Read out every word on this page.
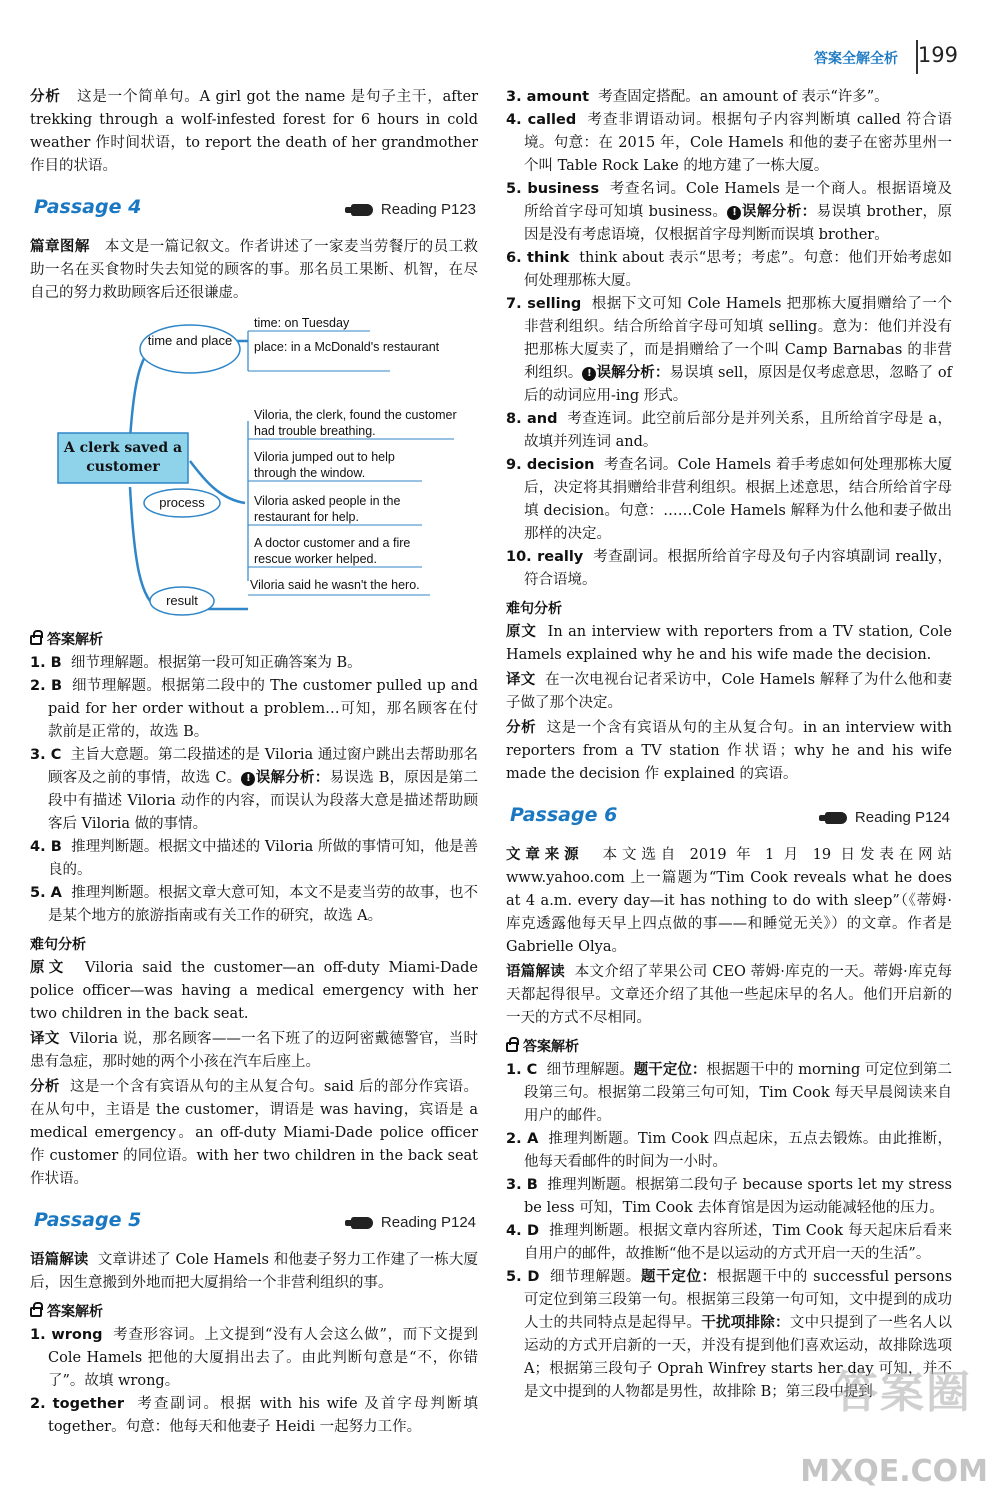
答案全解全析 199

分析 这是一个简单句。A girl got the name 是句子主干，after trekking through a wolf-infested forest for 6 hours in cold weather 作时间状语，to report the death of her grandmother 作目的状语。

Passage 4	Reading P123

篇章图解 本文是一篇记叙文。作者讲述了一家麦当劳餐厅的员工救助一名在买食物时失去知觉的顾客的事。那名员工果断、机智，在尽自己的努力救助顾客后还很谦虚。

A clerk saved a customer
time and place
process
result
time: on Tuesday
place: in a McDonald's restaurant
Viloria, the clerk, found the customer had trouble breathing.
Viloria jumped out to help through the window.
Viloria asked people in the restaurant for help.
A doctor customer and a fire rescue worker helped.
Viloria said he wasn't the hero.
答案解析

1. B 细节理解题。根据第一段可知正确答案为 B。

2. B 细节理解题。根据第二段中的 The customer pulled up and paid for her order without a problem…可知，那名顾客在付款前是正常的，故选 B。

3. C 主旨大意题。第二段描述的是 Viloria 通过窗户跳出去帮助那名顾客及之前的事情，故选 C。 ! 误解分析：易误选 B，原因是第二段中有描述 Viloria 动作的内容，而误认为段落大意是描述帮助顾客后 Viloria 做的事情。

4. B 推理判断题。根据文中描述的 Viloria 所做的事情可知，他是善良的。

5. A 推理判断题。根据文章大意可知，本文不是麦当劳的故事，也不是某个地方的旅游指南或有关工作的研究，故选 A。

难句分析

原文 Viloria said the customer—an off-duty Miami-Dade police officer—was having a medical emergency with her two children in the back seat.

译文 Viloria 说，那名顾客——一名下班了的迈阿密戴德警官，当时患有急症，那时她的两个小孩在汽车后座上。

分析 这是一个含有宾语从句的主从复合句。said 后的部分作宾语。在从句中，主语是 the customer，谓语是 was having，宾语是 a medical emergency。an off-duty Miami-Dade police officer 作 customer 的同位语。with her two children in the back seat 作状语。

Passage 5	Reading P124

语篇解读 文章讲述了 Cole Hamels 和他妻子努力工作建了一栋大厦后，因生意搬到外地而把大厦捐给一个非营利组织的事。

答案解析

1. wrong 考查形容词。上文提到“没有人会这么做”，而下文提到 Cole Hamels 把他的大厦捐出去了。由此判断句意是“不，你错了”。故填 wrong。

2. together 考查副词。根据 with his wife 及首字母判断填 together。句意：他每天和他妻子 Heidi 一起努力工作。

3. amount 考查固定搭配。an amount of 表示“许多”。

4. called 考查非谓语动词。根据句子内容判断填 called 符合语境。句意：在 2015 年，Cole Hamels 和他的妻子在密苏里州一个叫 Table Rock Lake 的地方建了一栋大厦。

5. business 考查名词。Cole Hamels 是一个商人。根据语境及所给首字母可知填 business。 ! 误解分析：易误填 brother，原因是没有考虑语境，仅根据首字母判断而误填 brother。

6. think think about 表示“思考；考虑”。句意：他们开始考虑如何处理那栋大厦。

7. selling 根据下文可知 Cole Hamels 把那栋大厦捐赠给了一个非营利组织。结合所给首字母可知填 selling。意为：他们并没有把那栋大厦卖了，而是捐赠给了一个叫 Camp Barnabas 的非营利组织。 ! 误解分析：易误填 sell，原因是仅考虑意思，忽略了 of 后的动词应用-ing 形式。

8. and 考查连词。此空前后部分是并列关系，且所给首字母是 a，故填并列连词 and。

9. decision 考查名词。Cole Hamels 着手考虑如何处理那栋大厦后，决定将其捐赠给非营利组织。根据上述意思，结合所给首字母填 decision。句意：……Cole Hamels 解释为什么他和妻子做出那样的决定。

10. really 考查副词。根据所给首字母及句子内容填副词 really，符合语境。

难句分析

原文 In an interview with reporters from a TV station, Cole Hamels explained why he and his wife made the decision.

译文 在一次电视台记者采访中，Cole Hamels 解释了为什么他和妻子做了那个决定。

分析 这是一个含有宾语从句的主从复合句。in an interview with reporters from a TV station 作状语；why he and his wife made the decision 作 explained 的宾语。

Passage 6	Reading P124

文章来源 本文选自 2019 年 1 月 19 日发表在网站 www.yahoo.com 上一篇题为“Tim Cook reveals what he does at 4 a.m. every day—it has nothing to do with sleep”（《蒂姆·库克透露他每天早上四点做的事——和睡觉无关》）的文章。作者是 Gabrielle Olya。

语篇解读 本文介绍了苹果公司 CEO 蒂姆·库克的一天。蒂姆·库克每天都起得很早。文章还介绍了其他一些起床早的名人。他们开启新的一天的方式不尽相同。

答案解析

1. C 细节理解题。题干定位：根据题干中的 morning 可定位到第二段第三句。根据第二段第三句可知，Tim Cook 每天早晨阅读来自用户的邮件。

2. A 推理判断题。Tim Cook 四点起床，五点去锻炼。由此推断，他每天看邮件的时间为一小时。

3. B 推理判断题。根据第二段句子 because sports let my stress be less 可知，Tim Cook 去体育馆是因为运动能减轻他的压力。

4. D 推理判断题。根据文章内容所述，Tim Cook 每天起床后看来自用户的邮件，故推断“他不是以运动的方式开启一天的生活”。

5. D 细节理解题。题干定位：根据题干中的 successful persons 可定位到第三段第一句。根据第三段第一句可知，文中提到的成功人士的共同特点是起得早。干扰项排除：文中只提到了一些名人以运动的方式开启新的一天，并没有提到他们喜欢运动，故排除选项 A；根据第三段句子 Oprah Winfrey starts her day 可知，并不是文中提到的人物都是男性，故排除 B；第三段中提到

答案圈
MXQE.COM
